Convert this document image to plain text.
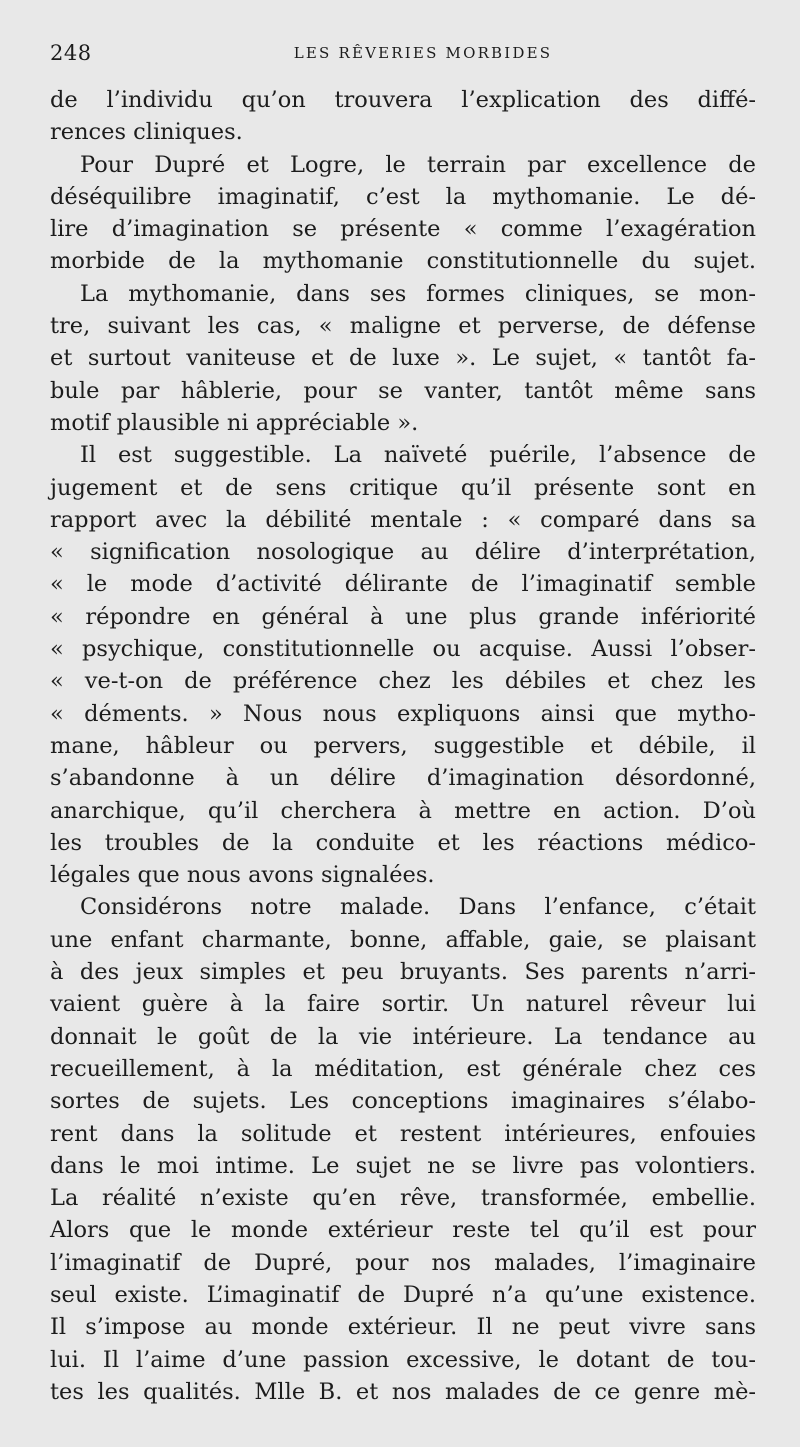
248	LES RÊVERIES MORBIDES
de l’individu qu’on trouvera l’explication des diffé-
rences cliniques.
Pour Dupré et Logre, le terrain par excellence de
déséquilibre imaginatif, c’est la mythomanie. Le dé-
lire d’imagination se présente « comme l’exagération
morbide de la mythomanie constitutionnelle du sujet.
La mythomanie, dans ses formes cliniques, se mon-
tre, suivant les cas, « maligne et perverse, de défense
et surtout vaniteuse et de luxe ». Le sujet, « tantôt fa-
bule par hâblerie, pour se vanter, tantôt même sans
motif plausible ni appréciable ».
Il est suggestible. La naïveté puérile, l’absence de
jugement et de sens critique qu’il présente sont en
rapport avec la débilité mentale : « comparé dans sa
« signification nosologique au délire d’interprétation,
« le mode d’activité délirante de l’imaginatif semble
« répondre en général à une plus grande infériorité
« psychique, constitutionnelle ou acquise. Aussi l’obser-
« ve-t-on de préférence chez les débiles et chez les
« déments. » Nous nous expliquons ainsi que mytho-
mane, hâbleur ou pervers, suggestible et débile, il
s’abandonne à un délire d’imagination désordonné,
anarchique, qu’il cherchera à mettre en action. D’où
les troubles de la conduite et les réactions médico-
légales que nous avons signalées.
Considérons notre malade. Dans l’enfance, c’était
une enfant charmante, bonne, affable, gaie, se plaisant
à des jeux simples et peu bruyants. Ses parents n’arri-
vaient guère à la faire sortir. Un naturel rêveur lui
donnait le goût de la vie intérieure. La tendance au
recueillement, à la méditation, est générale chez ces
sortes de sujets. Les conceptions imaginaires s’élabo-
rent dans la solitude et restent intérieures, enfouies
dans le moi intime. Le sujet ne se livre pas volontiers.
La réalité n’existe qu’en rêve, transformée, embellie.
Alors que le monde extérieur reste tel qu’il est pour
l’imaginatif de Dupré, pour nos malades, l’imaginaire
seul existe. L’imaginatif de Dupré n’a qu’une existence.
Il s’impose au monde extérieur. Il ne peut vivre sans
lui. Il l’aime d’une passion excessive, le dotant de tou-
tes les qualités. Mlle B. et nos malades de ce genre mè-
